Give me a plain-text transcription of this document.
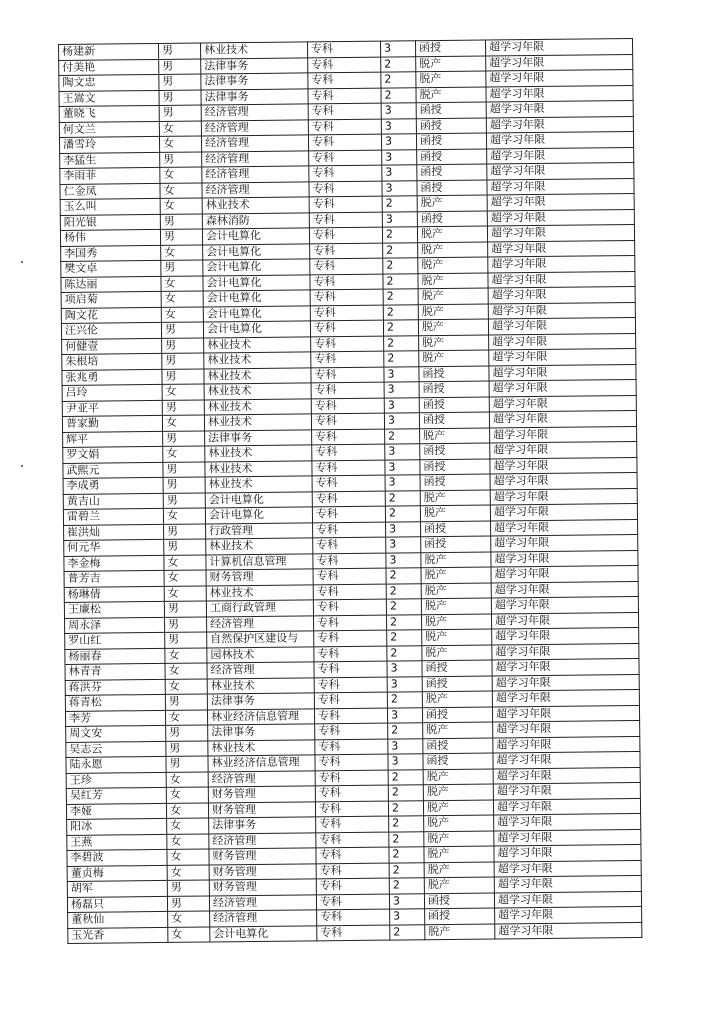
杨建新	男	林业技术	专科	3	函授	超学习年限
付美艳	男	法律事务	专科	2	脱产	超学习年限
陶文忠	男	法律事务	专科	2	脱产	超学习年限
王嵩文	男	法律事务	专科	2	脱产	超学习年限
董晓飞	男	经济管理	专科	3	函授	超学习年限
何文兰	女	经济管理	专科	3	函授	超学习年限
潘雪玲	女	经济管理	专科	3	函授	超学习年限
李猛生	男	经济管理	专科	3	函授	超学习年限
李雨菲	女	经济管理	专科	3	函授	超学习年限
仁金凤	女	经济管理	专科	3	函授	超学习年限
玉么叫	女	林业技术	专科	2	脱产	超学习年限
阳光银	男	森林消防	专科	3	函授	超学习年限
杨伟	男	会计电算化	专科	2	脱产	超学习年限
李国秀	女	会计电算化	专科	2	脱产	超学习年限
樊文卓	男	会计电算化	专科	2	脱产	超学习年限
陈达丽	女	会计电算化	专科	2	脱产	超学习年限
项启菊	女	会计电算化	专科	2	脱产	超学习年限
陶文花	女	会计电算化	专科	2	脱产	超学习年限
汪兴伦	男	会计电算化	专科	2	脱产	超学习年限
何健壹	男	林业技术	专科	2	脱产	超学习年限
朱根培	男	林业技术	专科	2	脱产	超学习年限
张兆勇	男	林业技术	专科	3	函授	超学习年限
吕玲	女	林业技术	专科	3	函授	超学习年限
尹亚平	男	林业技术	专科	3	函授	超学习年限
普家勤	女	林业技术	专科	3	函授	超学习年限
辉平	男	法律事务	专科	2	脱产	超学习年限
罗文娟	女	林业技术	专科	3	函授	超学习年限
武熙元	男	林业技术	专科	3	函授	超学习年限
李成勇	男	林业技术	专科	3	函授	超学习年限
黄吉山	男	会计电算化	专科	2	脱产	超学习年限
雷碧兰	女	会计电算化	专科	2	脱产	超学习年限
崔洪灿	男	行政管理	专科	3	函授	超学习年限
何元华	男	林业技术	专科	3	函授	超学习年限
李金梅	女	计算机信息管理	专科	3	脱产	超学习年限
普芳吉	女	财务管理	专科	2	脱产	超学习年限
杨琳倩	女	林业技术	专科	2	脱产	超学习年限
王廉松	男	工商行政管理	专科	2	脱产	超学习年限
周永泽	男	经济管理	专科	2	脱产	超学习年限
罗山红	男	自然保护区建设与	专科	2	脱产	超学习年限
杨丽春	女	园林技术	专科	2	脱产	超学习年限
林青青	女	经济管理	专科	3	函授	超学习年限
蒋洪芬	女	林业技术	专科	3	函授	超学习年限
蒋青松	男	法律事务	专科	2	脱产	超学习年限
李芳	女	林业经济信息管理	专科	3	函授	超学习年限
周文安	男	法律事务	专科	2	脱产	超学习年限
吴志云	男	林业技术	专科	3	函授	超学习年限
陆永愿	男	林业经济信息管理	专科	3	函授	超学习年限
王珍	女	经济管理	专科	2	脱产	超学习年限
吴红芳	女	财务管理	专科	2	脱产	超学习年限
李娅	女	财务管理	专科	2	脱产	超学习年限
阳冰	女	法律事务	专科	2	脱产	超学习年限
王燕	女	经济管理	专科	2	脱产	超学习年限
李碧波	女	财务管理	专科	2	脱产	超学习年限
董贞梅	女	财务管理	专科	2	脱产	超学习年限
胡军	男	财务管理	专科	2	脱产	超学习年限
杨磊只	男	经济管理	专科	3	函授	超学习年限
董秋仙	女	经济管理	专科	3	函授	超学习年限
玉光香	女	会计电算化	专科	2	脱产	超学习年限
